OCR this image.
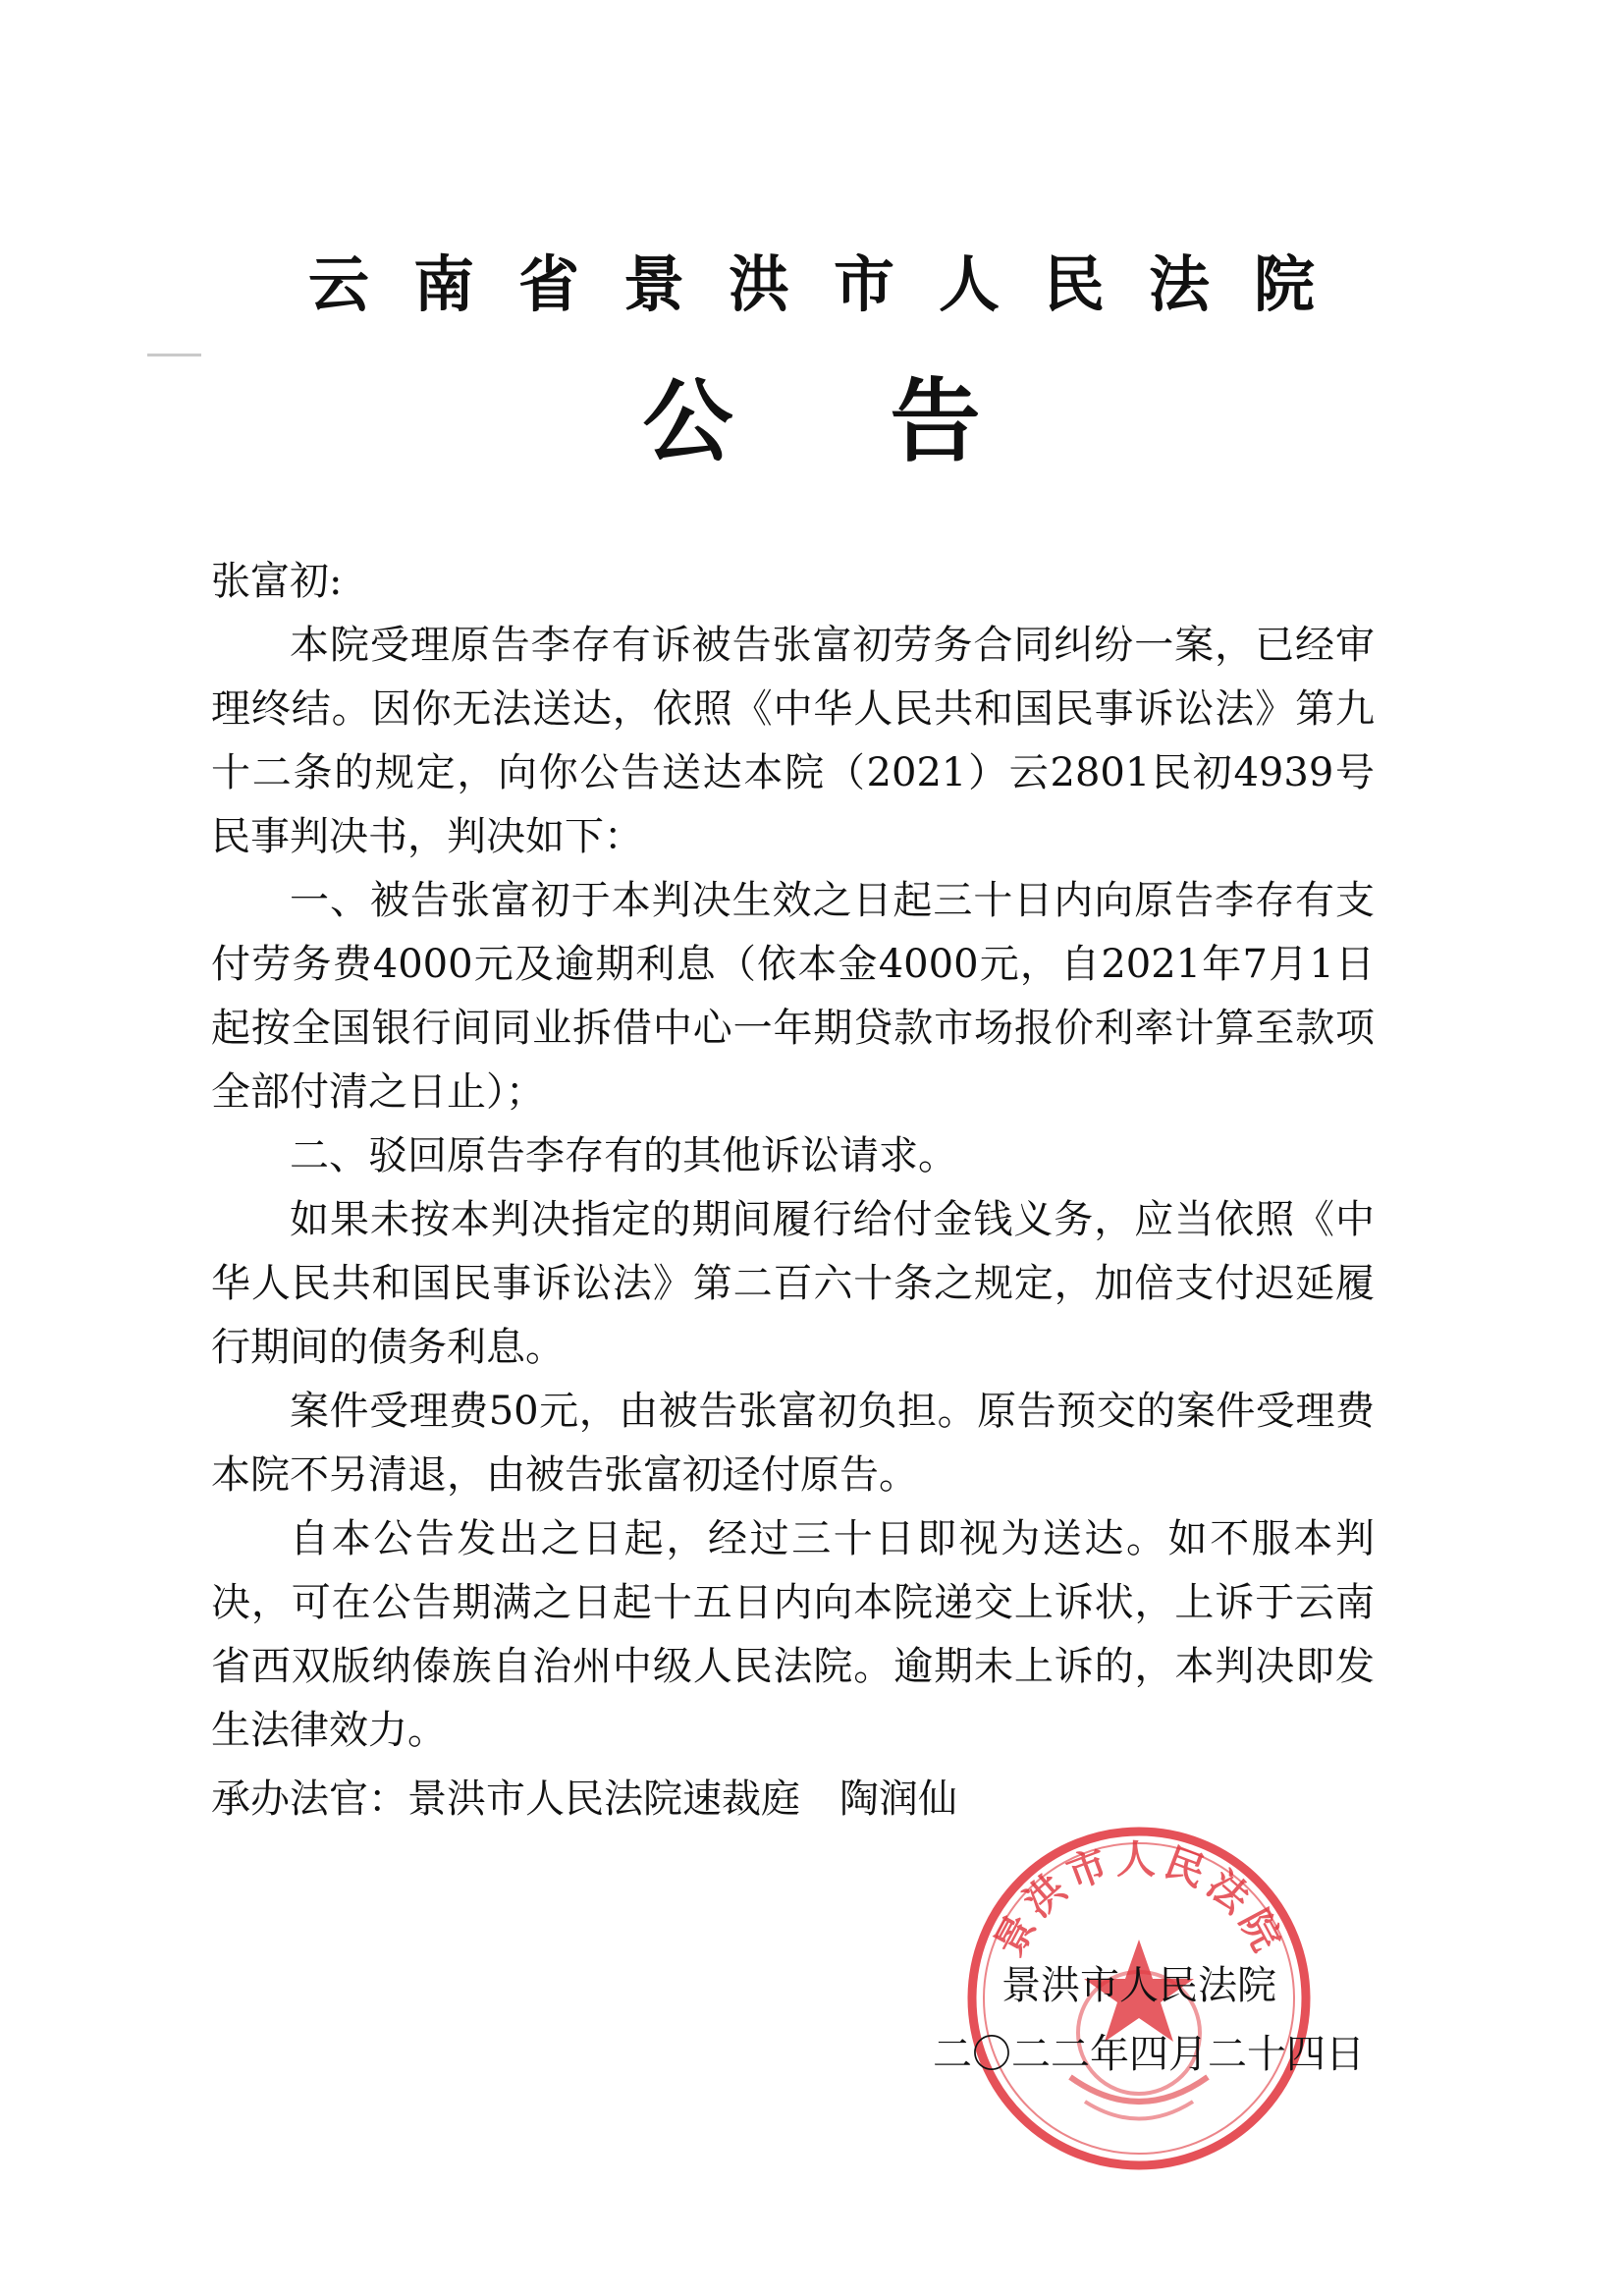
云南省景洪市人民法院
公告

张富初:

本院受理原告李存有诉被告张富初劳务合同纠纷一案，已经审理终结。因你无法送达，依照《中华人民共和国民事诉讼法》第九十二条的规定，向你公告送达本院（2021）云2801民初4939号民事判决书，判决如下：

一、被告张富初于本判决生效之日起三十日内向原告李存有支付劳务费4000元及逾期利息（依本金4000元，自2021年7月1日起按全国银行间同业拆借中心一年期贷款市场报价利率计算至款项全部付清之日止）；

二、驳回原告李存有的其他诉讼请求。

如果未按本判决指定的期间履行给付金钱义务，应当依照《中华人民共和国民事诉讼法》第二百六十条之规定，加倍支付迟延履行期间的债务利息。

案件受理费50元，由被告张富初负担。原告预交的案件受理费本院不另清退，由被告张富初迳付原告。

自本公告发出之日起，经过三十日即视为送达。如不服本判决，可在公告期满之日起十五日内向本院递交上诉状，上诉于云南省西双版纳傣族自治州中级人民法院。逾期未上诉的，本判决即发生法律效力。

承办法官：景洪市人民法院速裁庭 陶润仙
景洪市人民法院
景洪市人民法院
二〇二二年四月二十四日
